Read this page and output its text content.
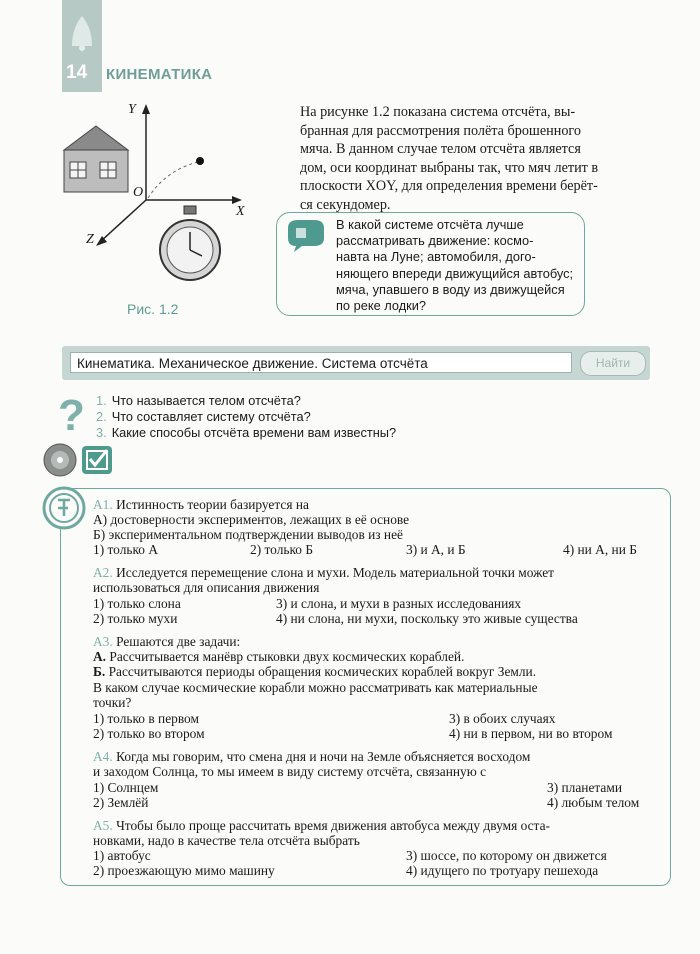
14 КИНЕМАТИКА
Y
X
Z
O
Рис. 1.2
На рисунке 1.2 показана система отсчёта, вы-
бранная для рассмотрения полёта брошенного
мяча. В данном случае телом отсчёта является
дом, оси координат выбраны так, что мяч летит в
плоскости XOY, для определения времени берёт-
ся секундомер.
В какой системе отсчёта лучше
рассматривать движение: космо-
навта на Луне; автомобиля, дого-
няющего впереди движущийся автобус;
мяча, упавшего в воду из движущейся
по реке лодки?
Кинематика. Механическое движение. Система отсчёта	Найти
? 1. Что называется телом отсчёта?
2. Что составляет систему отсчёта?
3. Какие способы отсчёта времени вам известны?
А1. Истинность теории базируется на
А) достоверности экспериментов, лежащих в её основе
Б) экспериментальном подтверждении выводов из неё
1) только А	2) только Б	3) и А, и Б	4) ни А, ни Б
А2. Исследуется перемещение слона и мухи. Модель материальной точки может
использоваться для описания движения
1) только слона	3) и слона, и мухи в разных исследованиях
2) только мухи	4) ни слона, ни мухи, поскольку это живые существа
А3. Решаются две задачи:
А. Рассчитывается манёвр стыковки двух космических кораблей.
Б. Рассчитываются периоды обращения космических кораблей вокруг Земли.
В каком случае космические корабли можно рассматривать как материальные
точки?
1) только в первом	3) в обоих случаях
2) только во втором	4) ни в первом, ни во втором
А4. Когда мы говорим, что смена дня и ночи на Земле объясняется восходом
и заходом Солнца, то мы имеем в виду систему отсчёта, связанную с
1) Солнцем	3) планетами
2) Землёй	4) любым телом
А5. Чтобы было проще рассчитать время движения автобуса между двумя оста-
новками, надо в качестве тела отсчёта выбрать
1) автобус	3) шоссе, по которому он движется
2) проезжающую мимо машину	4) идущего по тротуару пешехода
